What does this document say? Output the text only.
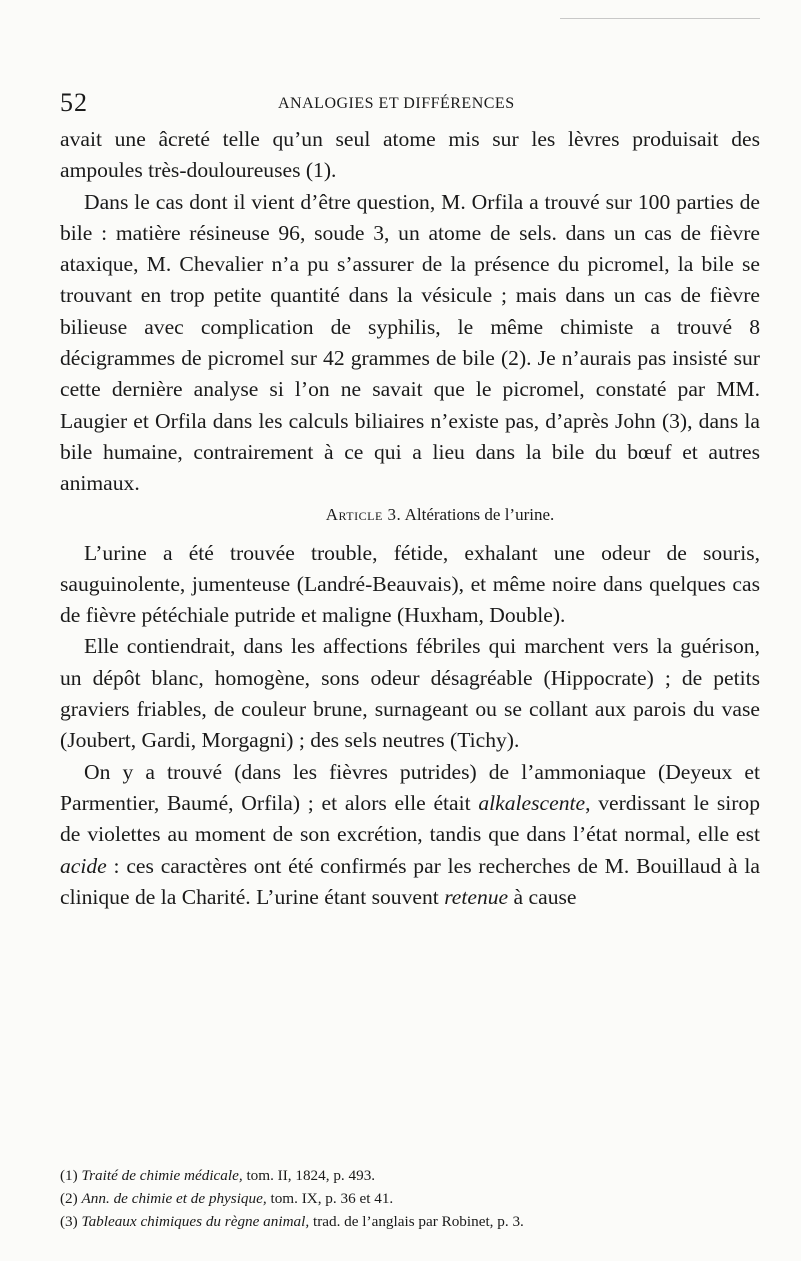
52	ANALOGIES ET DIFFÉRENCES

avait une âcreté telle qu’un seul atome mis sur les lèvres produisait des ampoules très-douloureuses (1).

Dans le cas dont il vient d’être question, M. Orfila a trouvé sur 100 parties de bile : matière résineuse 96, soude 3, un atome de sels. dans un cas de fièvre ataxique, M. Chevalier n’a pu s’assurer de la présence du picromel, la bile se trouvant en trop petite quantité dans la vésicule ; mais dans un cas de fièvre bilieuse avec complication de syphilis, le même chimiste a trouvé 8 décigrammes de picromel sur 42 grammes de bile (2). Je n’aurais pas insisté sur cette dernière analyse si l’on ne savait que le picromel, constaté par MM. Laugier et Orfila dans les calculs biliaires n’existe pas, d’après John (3), dans la bile humaine, contrairement à ce qui a lieu dans la bile du bœuf et autres animaux.

Article 3. Altérations de l’urine.

L’urine a été trouvée trouble, fétide, exhalant une odeur de souris, sauguinolente, jumenteuse (Landré-Beauvais), et même noire dans quelques cas de fièvre pétéchiale putride et maligne (Huxham, Double).

Elle contiendrait, dans les affections fébriles qui marchent vers la guérison, un dépôt blanc, homogène, sons odeur désagréable (Hippocrate) ; de petits graviers friables, de couleur brune, surnageant ou se collant aux parois du vase (Joubert, Gardi, Morgagni) ; des sels neutres (Tichy).

On y a trouvé (dans les fièvres putrides) de l’ammoniaque (Deyeux et Parmentier, Baumé, Orfila) ; et alors elle était alkalescente, verdissant le sirop de violettes au moment de son excrétion, tandis que dans l’état normal, elle est acide : ces caractères ont été confirmés par les recherches de M. Bouillaud à la clinique de la Charité. L’urine étant souvent retenue à cause

(1) Traité de chimie médicale, tom. II, 1824, p. 493.

(2) Ann. de chimie et de physique, tom. IX, p. 36 et 41.

(3) Tableaux chimiques du règne animal, trad. de l’anglais par Robinet, p. 3.
